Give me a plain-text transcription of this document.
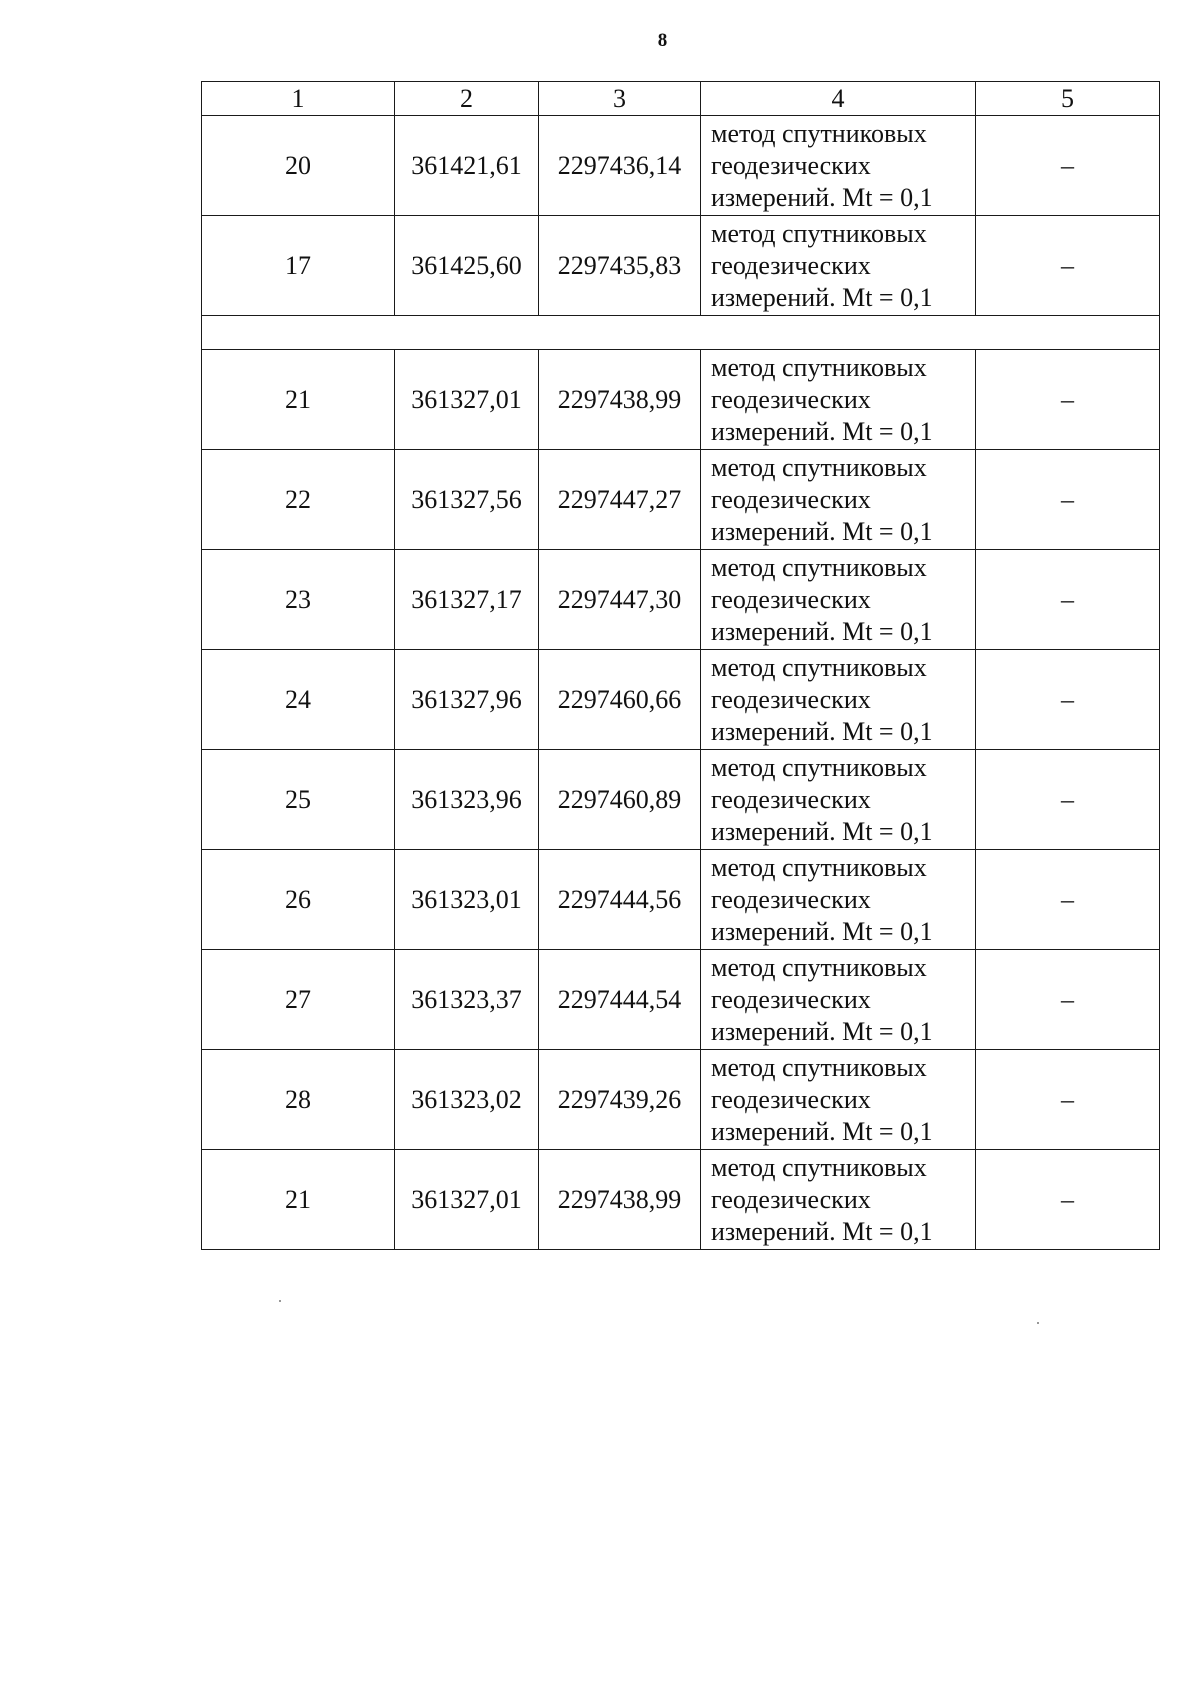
8
1	2	3	4	5
20	361421,61	2297436,14	метод спутниковых
геодезических
измерений. Mt = 0,1	–
17	361425,60	2297435,83	метод спутниковых
геодезических
измерений. Mt = 0,1	–

21	361327,01	2297438,99	метод спутниковых
геодезических
измерений. Mt = 0,1	–
22	361327,56	2297447,27	метод спутниковых
геодезических
измерений. Mt = 0,1	–
23	361327,17	2297447,30	метод спутниковых
геодезических
измерений. Mt = 0,1	–
24	361327,96	2297460,66	метод спутниковых
геодезических
измерений. Mt = 0,1	–
25	361323,96	2297460,89	метод спутниковых
геодезических
измерений. Mt = 0,1	–
26	361323,01	2297444,56	метод спутниковых
геодезических
измерений. Mt = 0,1	–
27	361323,37	2297444,54	метод спутниковых
геодезических
измерений. Mt = 0,1	–
28	361323,02	2297439,26	метод спутниковых
геодезических
измерений. Mt = 0,1	–
21	361327,01	2297438,99	метод спутниковых
геодезических
измерений. Mt = 0,1	–
